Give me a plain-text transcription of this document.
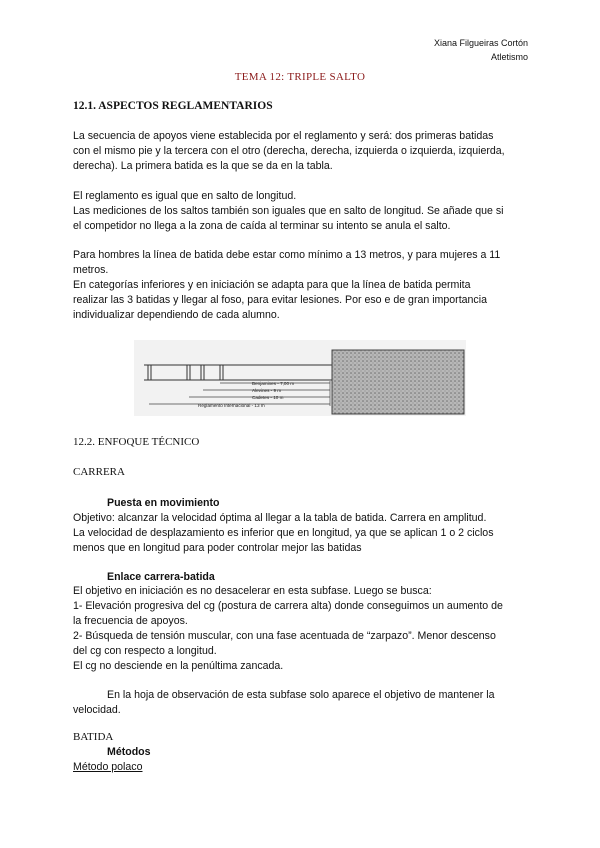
Xiana Filgueiras Cortón
Atletismo
TEMA 12: TRIPLE SALTO
12.1. ASPECTOS REGLAMENTARIOS
La secuencia de apoyos viene establecida por el reglamento y será: dos primeras batidas
con el mismo pie y la tercera con el otro (derecha, derecha, izquierda o izquierda, izquierda,
derecha). La primera batida es la que se da en la tabla.
El reglamento es igual que en salto de longitud.
Las mediciones de los saltos también son iguales que en salto de longitud. Se añade que si
el competidor no llega a la zona de caída al terminar su intento se anula el salto.
Para hombres la línea de batida debe estar como mínimo a 13 metros, y para mujeres a 11
metros.
En categorías inferiores y en iniciación se adapta para que la línea de batida permita
realizar las 3 batidas y llegar al foso, para evitar lesiones. Por eso e de gran importancia
individualizar dependiendo de cada alumno.
Benjamines - 7,00 m
Alevines - 9 m
Cadetes - 10 m
Reglamento Internacional - 13 m
12.2. ENFOQUE TÉCNICO
CARRERA
Puesta en movimiento
Objetivo: alcanzar la velocidad óptima al llegar a la tabla de batida. Carrera en amplitud.
La velocidad de desplazamiento es inferior que en longitud, ya que se aplican 1 o 2 ciclos
menos que en longitud para poder controlar mejor las batidas
Enlace carrera-batida
El objetivo en iniciación es no desacelerar en esta subfase. Luego se busca:
1- Elevación progresiva del cg (postura de carrera alta) donde conseguimos un aumento de
la frecuencia de apoyos.
2- Búsqueda de tensión muscular, con una fase acentuada de “zarpazo”. Menor descenso
del cg con respecto a longitud.
El cg no desciende en la penúltima zancada.
En la hoja de observación de esta subfase solo aparece el objetivo de mantener la
velocidad.
BATIDA
Métodos
Método polaco
